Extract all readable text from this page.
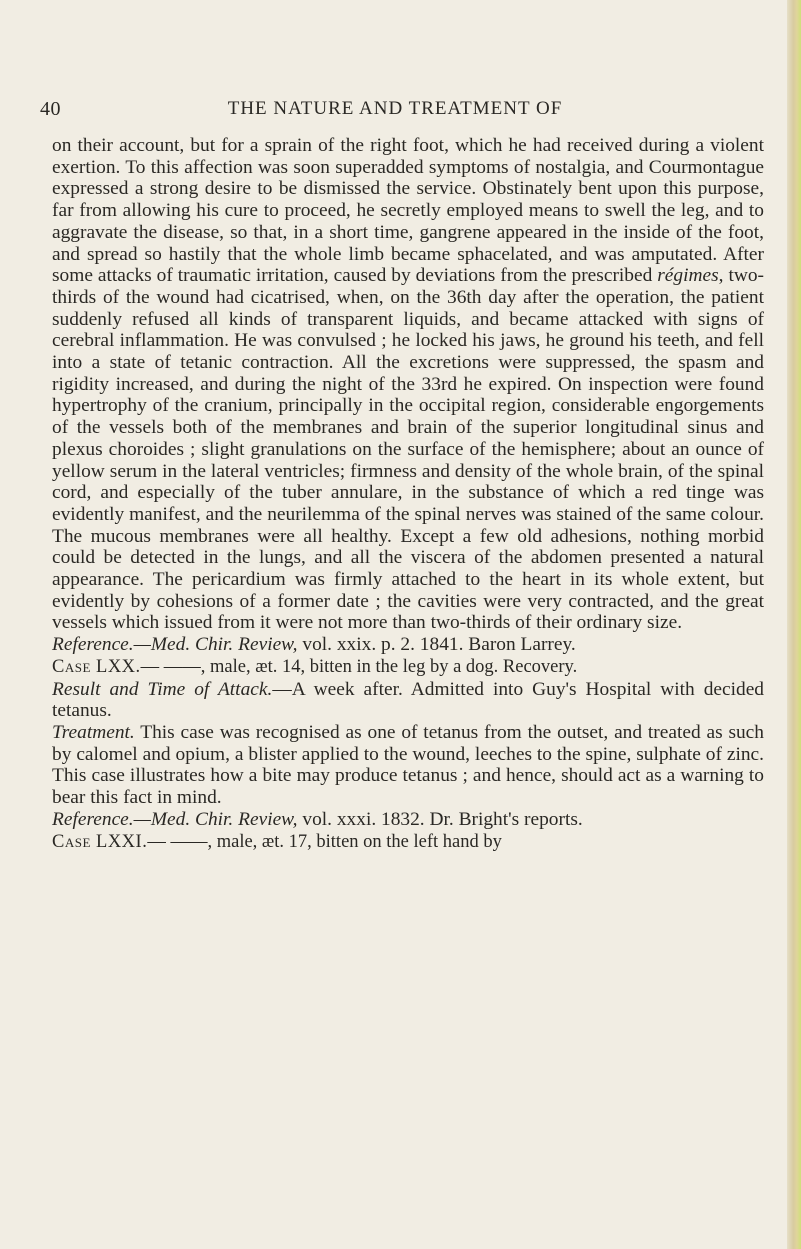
40	THE NATURE AND TREATMENT OF

on their account, but for a sprain of the right foot, which he had received during a violent exertion. To this affection was soon superadded symptoms of nostalgia, and Courmontague expressed a strong desire to be dismissed the service. Obstinately bent upon this purpose, far from allowing his cure to proceed, he secretly employed means to swell the leg, and to aggravate the disease, so that, in a short time, gangrene appeared in the inside of the foot, and spread so hastily that the whole limb became sphacelated, and was amputated. After some attacks of traumatic irritation, caused by deviations from the prescribed régimes, two-thirds of the wound had cicatrised, when, on the 36th day after the operation, the patient suddenly refused all kinds of transparent liquids, and became attacked with signs of cerebral inflammation. He was convulsed ; he locked his jaws, he ground his teeth, and fell into a state of tetanic contraction. All the excretions were suppressed, the spasm and rigidity increased, and during the night of the 33rd he expired. On inspection were found hypertrophy of the cranium, principally in the occipital region, considerable engorgements of the vessels both of the membranes and brain of the superior longitudinal sinus and plexus choroides ; slight granulations on the surface of the hemisphere; about an ounce of yellow serum in the lateral ventricles; firmness and density of the whole brain, of the spinal cord, and especially of the tuber annulare, in the substance of which a red tinge was evidently manifest, and the neurilemma of the spinal nerves was stained of the same colour. The mucous membranes were all healthy. Except a few old adhesions, nothing morbid could be detected in the lungs, and all the viscera of the abdomen presented a natural appearance. The pericardium was firmly attached to the heart in its whole extent, but evidently by cohesions of a former date ; the cavities were very contracted, and the great vessels which issued from it were not more than two-thirds of their ordinary size.

Reference.—Med. Chir. Review, vol. xxix. p. 2. 1841. Baron Larrey.

Case LXX.— ——, male, æt. 14, bitten in the leg by a dog. Recovery.

Result and Time of Attack.—A week after. Admitted into Guy's Hospital with decided tetanus.

Treatment. This case was recognised as one of tetanus from the outset, and treated as such by calomel and opium, a blister applied to the wound, leeches to the spine, sulphate of zinc. This case illustrates how a bite may produce tetanus ; and hence, should act as a warning to bear this fact in mind.

Reference.—Med. Chir. Review, vol. xxxi. 1832. Dr. Bright's reports.

Case LXXI.— ——, male, æt. 17, bitten on the left hand by
